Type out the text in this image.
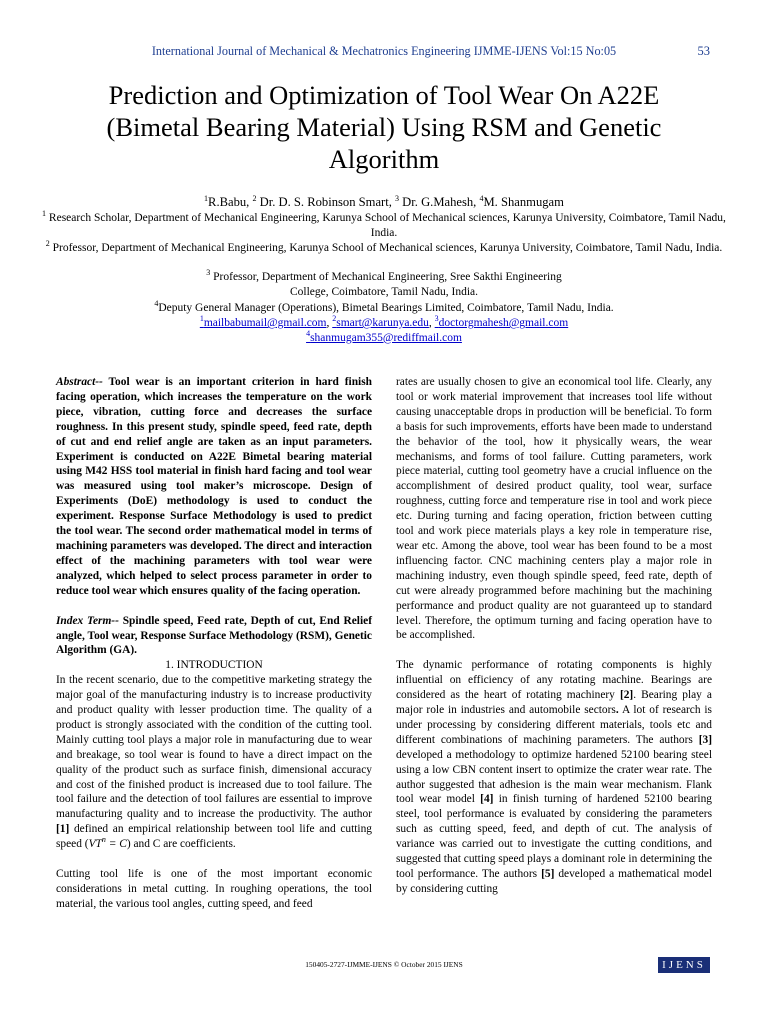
International Journal of Mechanical & Mechatronics Engineering IJMME-IJENS Vol:15 No:05	53
Prediction and Optimization of Tool Wear On A22E
(Bimetal Bearing Material) Using RSM and Genetic
Algorithm
$^1$R.Babu, $^2$ Dr. D. S. Robinson Smart, $^3$ Dr. G.Mahesh, $^4$M. Shanmugam
$^1$ Research Scholar, Department of Mechanical Engineering, Karunya School of Mechanical sciences, Karunya University, Coimbatore, Tamil Nadu, India.
$^2$ Professor, Department of Mechanical Engineering, Karunya School of Mechanical sciences, Karunya University, Coimbatore, Tamil Nadu, India.
$^3$ Professor, Department of Mechanical Engineering, Sree Sakthi Engineering
College, Coimbatore, Tamil Nadu, India.
$^4$Deputy General Manager (Operations), Bimetal Bearings Limited, Coimbatore, Tamil Nadu, India.
$^1$mailbabumail@gmail.com, $^2$smart@karunya.edu, $^3$doctorgmahesh@gmail.com
$^4$shanmugam355@rediffmail.com

Abstract-- Tool wear is an important criterion in hard finish facing operation, which increases the temperature on the work piece, vibration, cutting force and decreases the surface roughness. In this present study, spindle speed, feed rate, depth of cut and end relief angle are taken as an input parameters. Experiment is conducted on A22E Bimetal bearing material using M42 HSS tool material in finish hard facing and tool wear was measured using tool maker’s microscope. Design of Experiments (DoE) methodology is used to conduct the experiment. Response Surface Methodology is used to predict the tool wear. The second order mathematical model in terms of machining parameters was developed. The direct and interaction effect of the machining parameters with tool wear were analyzed, which helped to select process parameter in order to reduce tool wear which ensures quality of the facing operation.

Index Term-- Spindle speed, Feed rate, Depth of cut, End Relief angle, Tool wear, Response Surface Methodology (RSM), Genetic Algorithm (GA).

1. INTRODUCTION

In the recent scenario, due to the competitive marketing strategy the major goal of the manufacturing industry is to increase productivity and product quality with lesser production time. The quality of a product is strongly associated with the condition of the cutting tool. Mainly cutting tool plays a major role in manufacturing due to wear and breakage, so tool wear is found to have a direct impact on the quality of the product such as surface finish, dimensional accuracy and cost of the finished product is increased due to tool failure. The tool failure and the detection of tool failures are essential to improve manufacturing quality and to increase the productivity. The author [1] defined an empirical relationship between tool life and cutting speed $(VT^n = C)$ and C are coefficients.

Cutting tool life is one of the most important economic considerations in metal cutting. In roughing operations, the tool material, the various tool angles, cutting speed, and feed

rates are usually chosen to give an economical tool life. Clearly, any tool or work material improvement that increases tool life without causing unacceptable drops in production will be beneficial. To form a basis for such improvements, efforts have been made to understand the behavior of the tool, how it physically wears, the wear mechanisms, and forms of tool failure. Cutting parameters, work piece material, cutting tool geometry have a crucial influence on the accomplishment of desired product quality, tool wear, surface roughness, cutting force and temperature rise in tool and work piece etc. During turning and facing operation, friction between cutting tool and work piece materials plays a key role in temperature rise, wear etc. Among the above, tool wear has been found to be a most influencing factor. CNC machining centers play a major role in machining industry, even though spindle speed, feed rate, depth of cut were already programmed before machining but the machining performance and product quality are not guaranteed up to standard level. Therefore, the optimum turning and facing operation have to be accomplished.

The dynamic performance of rotating components is highly influential on efficiency of any rotating machine. Bearings are considered as the heart of rotating machinery [2]. Bearing play a major role in industries and automobile sectors. A lot of research is under processing by considering different materials, tools etc and different combinations of machining parameters. The authors [3] developed a methodology to optimize hardened 52100 bearing steel using a low CBN content insert to optimize the crater wear rate. The author suggested that adhesion is the main wear mechanism. Flank tool wear model [4] in finish turning of hardened 52100 bearing steel, tool performance is evaluated by considering the parameters such as cutting speed, feed, and depth of cut. The analysis of variance was carried out to investigate the cutting conditions, and suggested that cutting speed plays a dominant role in determining the tool performance. The authors [5] developed a mathematical model by considering cutting

150405-2727-IJMME-IJENS © October 2015 IJENS	IJENS
